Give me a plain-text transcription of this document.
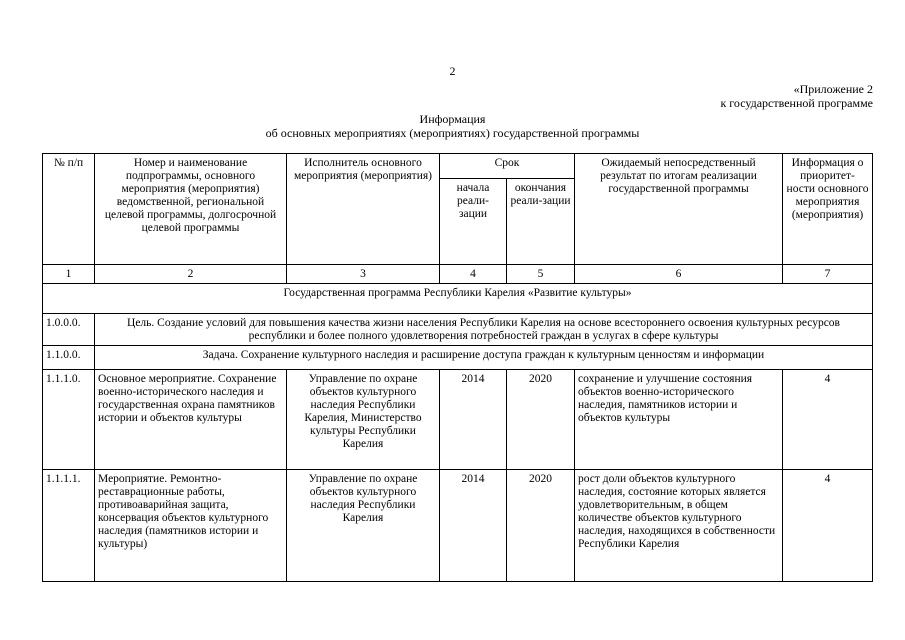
2
«Приложение 2
к государственной программе
Информация
об основных мероприятиях (мероприятиях) государственной программы
№ п/п	Номер и наименование подпрограммы, основного мероприятия (мероприятия) ведомственной, региональной целевой программы, долгосрочной целевой программы	Исполнитель основного мероприятия (мероприятия)	Срок		Ожидаемый непосредственный результат по итогам реализации государственной программы	Информация о приоритет-ности основного мероприятия (мероприятия)
			начала реали-зации	окончания реали-зации		
1	2	3	4	5	6	7
Государственная программа Республики Карелия «Развитие культуры»						
1.0.0.0.	Цель. Создание условий для повышения качества жизни населения Республики Карелия на основе всестороннего освоения культурных ресурсов республики и более полного удовлетворения потребностей граждан в услугах в сфере культуры					
1.1.0.0.	Задача. Сохранение культурного наследия и расширение доступа граждан к культурным ценностям и информации					
1.1.1.0.	Основное мероприятие. Сохранение военно-исторического наследия и государственная охрана памятников истории и объектов культуры	Управление по охране объектов культурного наследия Республики Карелия, Министерство культуры Республики Карелия	2014	2020	сохранение и улучшение состояния объектов военно-исторического наследия, памятников истории и объектов культуры	4
1.1.1.1.	Мероприятие. Ремонтно-реставрационные работы, противоаварийная защита, консервация объектов культурного наследия (памятников истории и культуры)	Управление по охране объектов культурного наследия Республики Карелия	2014	2020	рост доли объектов культурного наследия, состояние которых является удовлетворительным, в общем количестве объектов культурного наследия, находящихся в собственности Республики Карелия	4
